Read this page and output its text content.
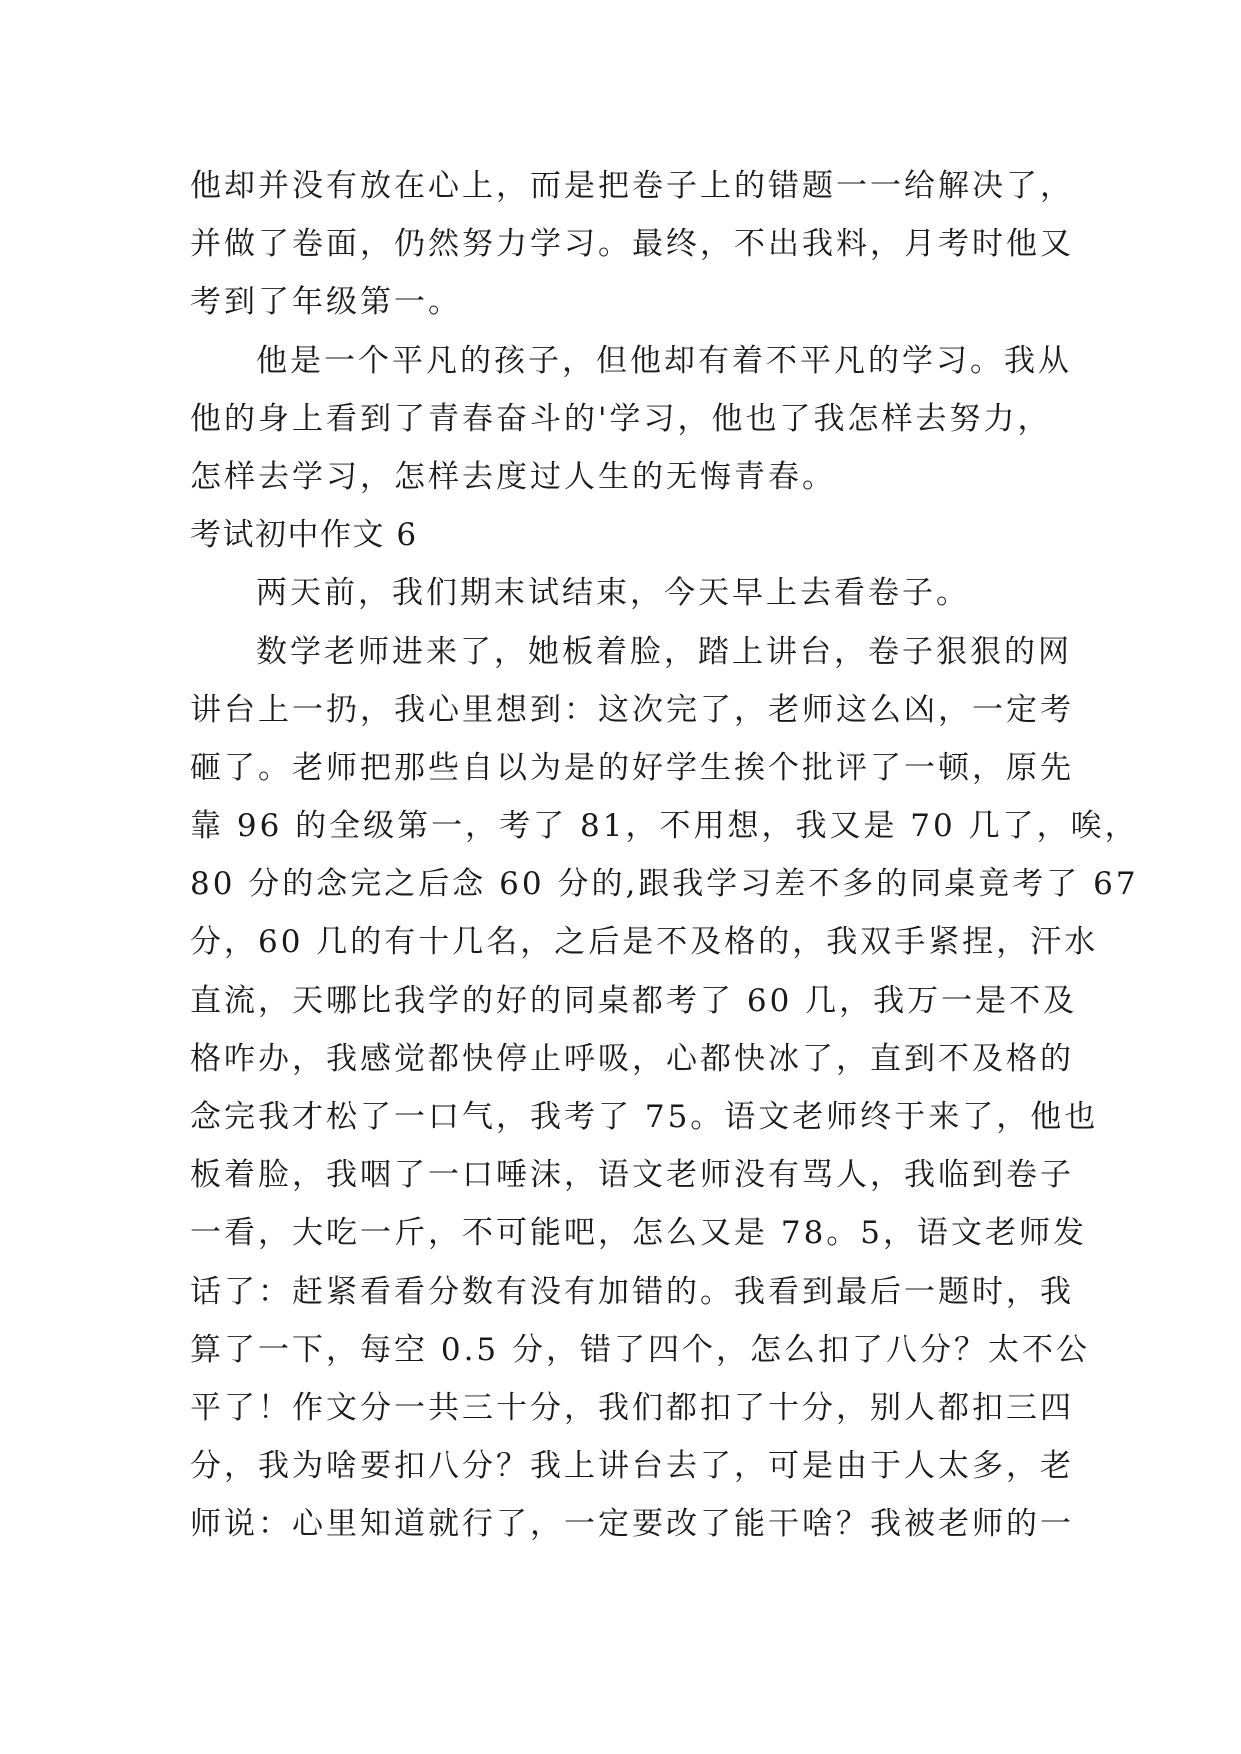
他却并没有放在心上，而是把卷子上的错题一一给解决了，
并做了卷面，仍然努力学习。最终，不出我料，月考时他又
考到了年级第一。
他是一个平凡的孩子，但他却有着不平凡的学习。我从
他的身上看到了青春奋斗的'学习，他也了我怎样去努力，
怎样去学习，怎样去度过人生的无悔青春。
考试初中作文 6
两天前，我们期末试结束，今天早上去看卷子。
数学老师进来了，她板着脸，踏上讲台，卷子狠狠的网
讲台上一扔，我心里想到：这次完了，老师这么凶，一定考
砸了。老师把那些自以为是的好学生挨个批评了一顿，原先
靠 96 的全级第一，考了 81，不用想，我又是 70 几了，唉，
80 分的念完之后念 60 分的,跟我学习差不多的同桌竟考了 67
分，60 几的有十几名，之后是不及格的，我双手紧捏，汗水
直流，天哪比我学的好的同桌都考了 60 几，我万一是不及
格咋办，我感觉都快停止呼吸，心都快冰了，直到不及格的
念完我才松了一口气，我考了 75。语文老师终于来了，他也
板着脸，我咽了一口唾沫，语文老师没有骂人，我临到卷子
一看，大吃一斤，不可能吧，怎么又是 78。5，语文老师发
话了：赶紧看看分数有没有加错的。我看到最后一题时，我
算了一下，每空 0.5 分，错了四个，怎么扣了八分？太不公
平了！作文分一共三十分，我们都扣了十分，别人都扣三四
分，我为啥要扣八分？我上讲台去了，可是由于人太多，老
师说：心里知道就行了，一定要改了能干啥？我被老师的一
